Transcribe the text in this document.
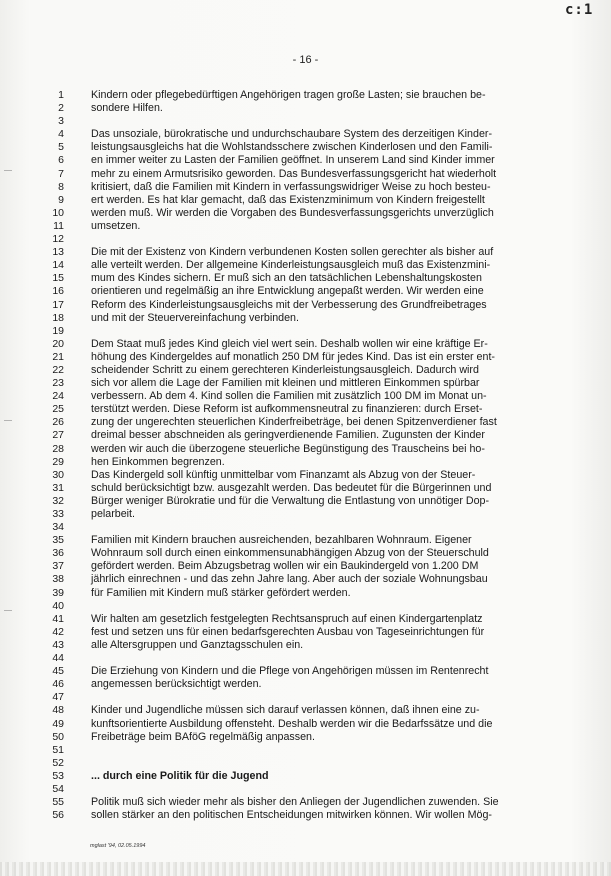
c:1
- 16 -
1	Kindern oder pflegebedürftigen Angehörigen tragen große Lasten; sie brauchen be-
2	sondere Hilfen.
3
4	Das unsoziale, bürokratische und undurchschaubare System des derzeitigen Kinder-
5	leistungsausgleichs hat die Wohlstandsschere zwischen Kinderlosen und den Famili-
6	en immer weiter zu Lasten der Familien geöffnet. In unserem Land sind Kinder immer
7	mehr zu einem Armutsrisiko geworden. Das Bundesverfassungsgericht hat wiederholt
8	kritisiert, daß die Familien mit Kindern in verfassungswidriger Weise zu hoch besteu-
9	ert werden. Es hat klar gemacht, daß das Existenzminimum von Kindern freigestellt
10	werden muß. Wir werden die Vorgaben des Bundesverfassungsgerichts unverzüglich
11	umsetzen.
12
13	Die mit der Existenz von Kindern verbundenen Kosten sollen gerechter als bisher auf
14	alle verteilt werden. Der allgemeine Kinderleistungsausgleich muß das Existenzmini-
15	mum des Kindes sichern. Er muß sich an den tatsächlichen Lebenshaltungskosten
16	orientieren und regelmäßig an ihre Entwicklung angepaßt werden. Wir werden eine
17	Reform des Kinderleistungsausgleichs mit der Verbesserung des Grundfreibetrages
18	und mit der Steuervereinfachung verbinden.
19
20	Dem Staat muß jedes Kind gleich viel wert sein. Deshalb wollen wir eine kräftige Er-
21	höhung des Kindergeldes auf monatlich 250 DM für jedes Kind. Das ist ein erster ent-
22	scheidender Schritt zu einem gerechteren Kinderleistungsausgleich. Dadurch wird
23	sich vor allem die Lage der Familien mit kleinen und mittleren Einkommen spürbar
24	verbessern. Ab dem 4. Kind sollen die Familien mit zusätzlich 100 DM im Monat un-
25	terstützt werden. Diese Reform ist aufkommensneutral zu finanzieren: durch Erset-
26	zung der ungerechten steuerlichen Kinderfreibeträge, bei denen Spitzenverdiener fast
27	dreimal besser abschneiden als geringverdienende Familien. Zugunsten der Kinder
28	werden wir auch die überzogene steuerliche Begünstigung des Trauscheins bei ho-
29	hen Einkommen begrenzen.
30	Das Kindergeld soll künftig unmittelbar vom Finanzamt als Abzug von der Steuer-
31	schuld berücksichtigt bzw. ausgezahlt werden. Das bedeutet für die Bürgerinnen und
32	Bürger weniger Bürokratie und für die Verwaltung die Entlastung von unnötiger Dop-
33	pelarbeit.
34
35	Familien mit Kindern brauchen ausreichenden, bezahlbaren Wohnraum. Eigener
36	Wohnraum soll durch einen einkommensunabhängigen Abzug von der Steuerschuld
37	gefördert werden. Beim Abzugsbetrag wollen wir ein Baukindergeld von 1.200 DM
38	jährlich einrechnen - und das zehn Jahre lang. Aber auch der soziale Wohnungsbau
39	für Familien mit Kindern muß stärker gefördert werden.
40
41	Wir halten am gesetzlich festgelegten Rechtsanspruch auf einen Kindergartenplatz
42	fest und setzen uns für einen bedarfsgerechten Ausbau von Tageseinrichtungen für
43	alle Altersgruppen und Ganztagsschulen ein.
44
45	Die Erziehung von Kindern und die Pflege von Angehörigen müssen im Rentenrecht
46	angemessen berücksichtigt werden.
47
48	Kinder und Jugendliche müssen sich darauf verlassen können, daß ihnen eine zu-
49	kunftsorientierte Ausbildung offensteht. Deshalb werden wir die Bedarfssätze und die
50	Freibeträge beim BAföG regelmäßig anpassen.
51
52
53	... durch eine Politik für die Jugend
54
55	Politik muß sich wieder mehr als bisher den Anliegen der Jugendlichen zuwenden. Sie
56	sollen stärker an den politischen Entscheidungen mitwirken können. Wir wollen Mög-
mglast '94, 02.05.1994
